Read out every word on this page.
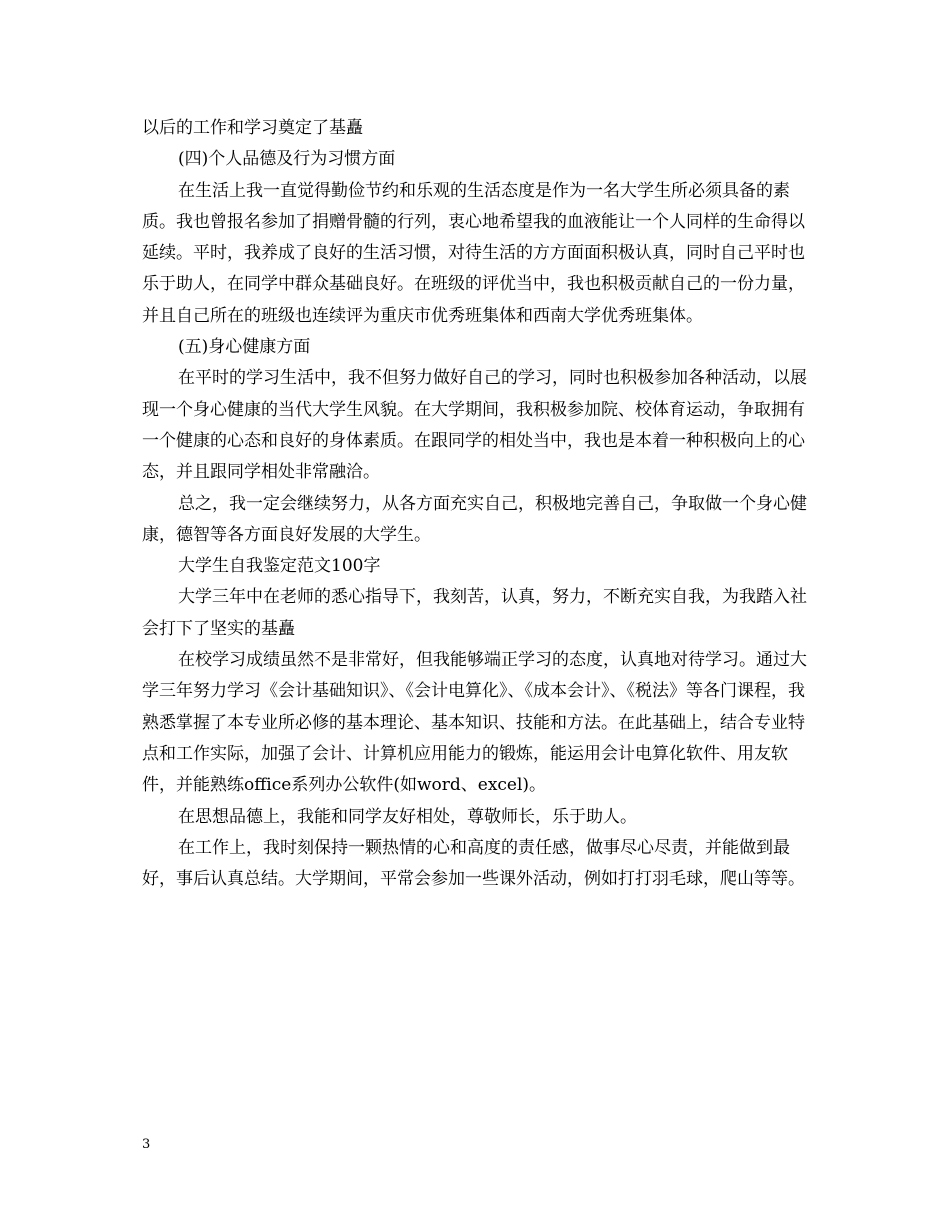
以后的工作和学习奠定了基矗

(四)个人品德及行为习惯方面

在生活上我一直觉得勤俭节约和乐观的生活态度是作为一名大学生所必须具备的素质。我也曾报名参加了捐赠骨髓的行列，衷心地希望我的血液能让一个人同样的生命得以延续。平时，我养成了良好的生活习惯，对待生活的方方面面积极认真，同时自己平时也乐于助人，在同学中群众基础良好。在班级的评优当中，我也积极贡献自己的一份力量，并且自己所在的班级也连续评为重庆市优秀班集体和西南大学优秀班集体。

(五)身心健康方面

在平时的学习生活中，我不但努力做好自己的学习，同时也积极参加各种活动，以展现一个身心健康的当代大学生风貌。在大学期间，我积极参加院、校体育运动，争取拥有一个健康的心态和良好的身体素质。在跟同学的相处当中，我也是本着一种积极向上的心态，并且跟同学相处非常融洽。

总之，我一定会继续努力，从各方面充实自己，积极地完善自己，争取做一个身心健康，德智等各方面良好发展的大学生。

大学生自我鉴定范文100字

大学三年中在老师的悉心指导下，我刻苦，认真，努力，不断充实自我，为我踏入社会打下了坚实的基矗

在校学习成绩虽然不是非常好，但我能够端正学习的态度，认真地对待学习。通过大学三年努力学习《会计基础知识》、《会计电算化》、《成本会计》、《税法》等各门课程，我熟悉掌握了本专业所必修的基本理论、基本知识、技能和方法。在此基础上，结合专业特点和工作实际，加强了会计、计算机应用能力的锻炼，能运用会计电算化软件、用友软件，并能熟练office系列办公软件(如word、excel)。

在思想品德上，我能和同学友好相处，尊敬师长，乐于助人。

在工作上，我时刻保持一颗热情的心和高度的责任感，做事尽心尽责，并能做到最好，事后认真总结。大学期间，平常会参加一些课外活动，例如打打羽毛球，爬山等等。

3
